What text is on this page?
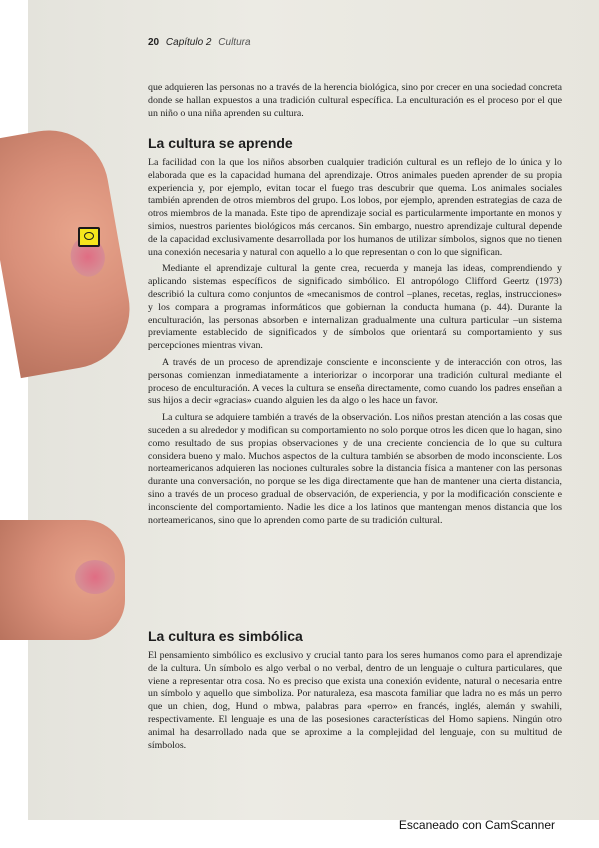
20 Capítulo 2 Cultura

que adquieren las personas no a través de la herencia biológica, sino por crecer en una sociedad concreta donde se hallan expuestos a una tradición cultural específica. La enculturación es el proceso por el que un niño o una niña aprenden su cultura.

La cultura se aprende

La facilidad con la que los niños absorben cualquier tradición cultural es un reflejo de lo única y lo elaborada que es la capacidad humana del aprendizaje. Otros animales pueden aprender de su propia experiencia y, por ejemplo, evitan tocar el fuego tras descubrir que quema. Los animales sociales también aprenden de otros miembros del grupo. Los lobos, por ejemplo, aprenden estrategias de caza de otros miembros de la manada. Este tipo de aprendizaje social es particularmente importante en monos y simios, nuestros parientes biológicos más cercanos. Sin embargo, nuestro aprendizaje cultural depende de la capacidad exclusivamente desarrollada por los humanos de utilizar símbolos, signos que no tienen una conexión necesaria y natural con aquello a lo que representan o con lo que significan.

Mediante el aprendizaje cultural la gente crea, recuerda y maneja las ideas, comprendiendo y aplicando sistemas específicos de significado simbólico. El antropólogo Clifford Geertz (1973) describió la cultura como conjuntos de «mecanismos de control –planes, recetas, reglas, instrucciones» y los compara a programas informáticos que gobiernan la conducta humana (p. 44). Durante la enculturación, las personas absorben e internalizan gradualmente una cultura particular –un sistema previamente establecido de significados y de símbolos que orientará su comportamiento y sus percepciones mientras vivan.

A través de un proceso de aprendizaje consciente e inconsciente y de interacción con otros, las personas comienzan inmediatamente a interiorizar o incorporar una tradición cultural mediante el proceso de enculturación. A veces la cultura se enseña directamente, como cuando los padres enseñan a sus hijos a decir «gracias» cuando alguien les da algo o les hace un favor.

La cultura se adquiere también a través de la observación. Los niños prestan atención a las cosas que suceden a su alrededor y modifican su comportamiento no solo porque otros les dicen que lo hagan, sino como resultado de sus propias observaciones y de una creciente conciencia de lo que su cultura considera bueno y malo. Muchos aspectos de la cultura también se absorben de modo inconsciente. Los norteamericanos adquieren las nociones culturales sobre la distancia física a mantener con las personas durante una conversación, no porque se les diga directamente que han de mantener una cierta distancia, sino a través de un proceso gradual de observación, de experiencia, y por la modificación consciente e inconsciente del comportamiento. Nadie les dice a los latinos que mantengan menos distancia que los norteamericanos, sino que lo aprenden como parte de su tradición cultural.

La cultura es simbólica

El pensamiento simbólico es exclusivo y crucial tanto para los seres humanos como para el aprendizaje de la cultura. Un símbolo es algo verbal o no verbal, dentro de un lenguaje o cultura particulares, que viene a representar otra cosa. No es preciso que exista una conexión evidente, natural o necesaria entre un símbolo y aquello que simboliza. Por naturaleza, esa mascota familiar que ladra no es más un perro que un chien, dog, Hund o mbwa, palabras para «perro» en francés, inglés, alemán y swahili, respectivamente. El lenguaje es una de las posesiones características del Homo sapiens. Ningún otro animal ha desarrollado nada que se aproxime a la complejidad del lenguaje, con su multitud de símbolos.

Escaneado con CamScanner
